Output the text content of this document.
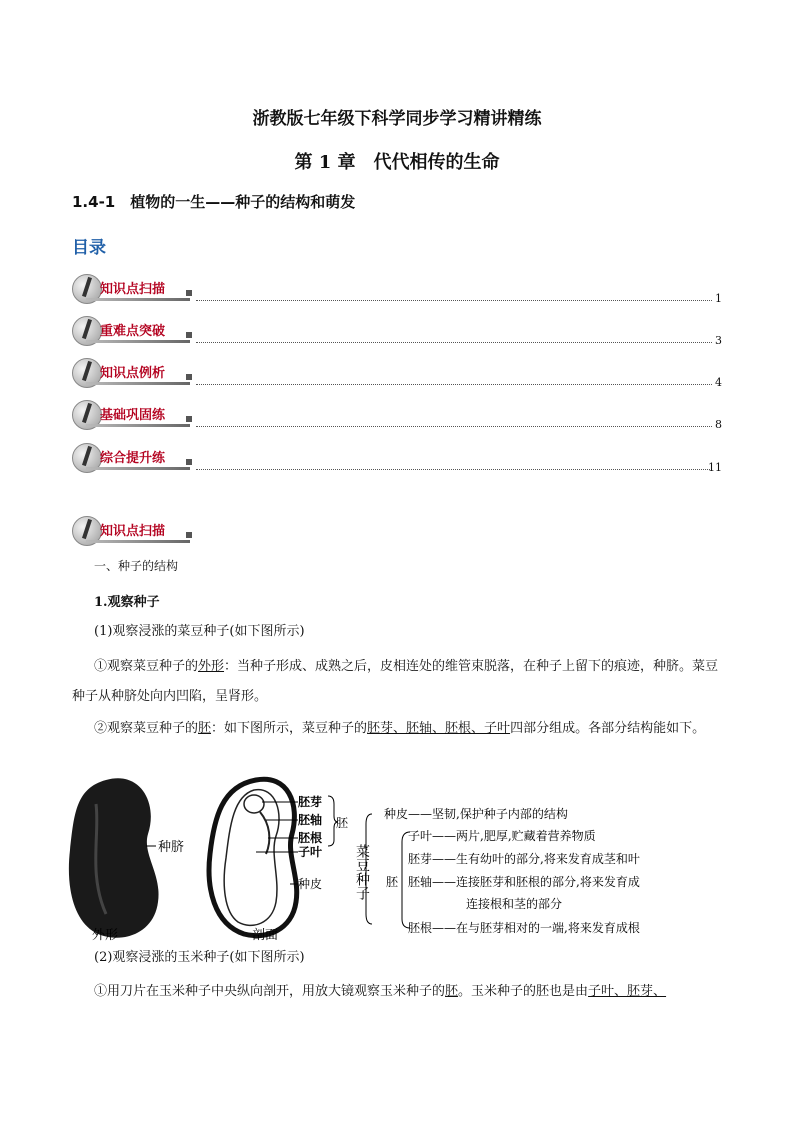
浙教版七年级下科学同步学习精讲精练
第 1 章　代代相传的生命
1.4-1　植物的一生——种子的结构和萌发
目录
知识点扫描
1
重难点突破
3
知识点例析
4
基础巩固练
8
综合提升练
11
知识点扫描
一、种子的结构
1.观察种子
(1)观察浸涨的菜豆种子(如下图所示)
①观察菜豆种子的外形：当种子形成、成熟之后，皮相连处的维管束脱落，在种子上留下的痕迹，种脐。菜豆种子从种脐处向内凹陷，呈肾形。
②观察菜豆种子的胚：如下图所示，菜豆种子的胚芽、胚轴、胚根、子叶四部分组成。各部分结构能如下。
种脐
外形	剖面
胚芽
胚轴
胚根
子叶
种皮
胚
菜豆种子
种皮——坚韧,保护种子内部的结构
胚
子叶——两片,肥厚,贮藏着营养物质
胚芽——生有幼叶的部分,将来发育成茎和叶
胚轴——连接胚芽和胚根的部分,将来发育成
连接根和茎的部分
胚根——在与胚芽相对的一端,将来发育成根
(2)观察浸涨的玉米种子(如下图所示)
①用刀片在玉米种子中央纵向剖开，用放大镜观察玉米种子的胚。玉米种子的胚也是由子叶、胚芽、
